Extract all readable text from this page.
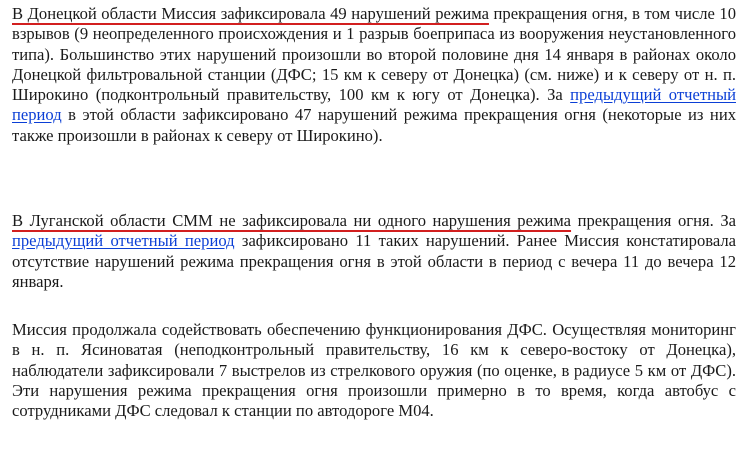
В Донецкой области Миссия зафиксировала 49 нарушений режима прекращения огня, в том числе 10 взрывов (9 неопределенного происхождения и 1 разрыв боеприпаса из вооружения неустановленного типа). Большинство этих нарушений произошли во второй половине дня 14 января в районах около Донецкой фильтровальной станции (ДФС; 15 км к северу от Донецка) (см. ниже) и к северу от н. п. Широкино (подконтрольный правительству, 100 км к югу от Донецка). За предыдущий отчетный период в этой области зафиксировано 47 нарушений режима прекращения огня (некоторые из них также произошли в районах к северу от Широкино).

В Луганской области СММ не зафиксировала ни одного нарушения режима прекращения огня. За предыдущий отчетный период зафиксировано 11 таких нарушений. Ранее Миссия констатировала отсутствие нарушений режима прекращения огня в этой области в период с вечера 11 до вечера 12 января.

Миссия продолжала содействовать обеспечению функционирования ДФС. Осуществляя мониторинг в н. п. Ясиноватая (неподконтрольный правительству, 16 км к северо-востоку от Донецка), наблюдатели зафиксировали 7 выстрелов из стрелкового оружия (по оценке, в радиусе 5 км от ДФС). Эти нарушения режима прекращения огня произошли примерно в то время, когда автобус с сотрудниками ДФС следовал к станции по автодороге М04.
